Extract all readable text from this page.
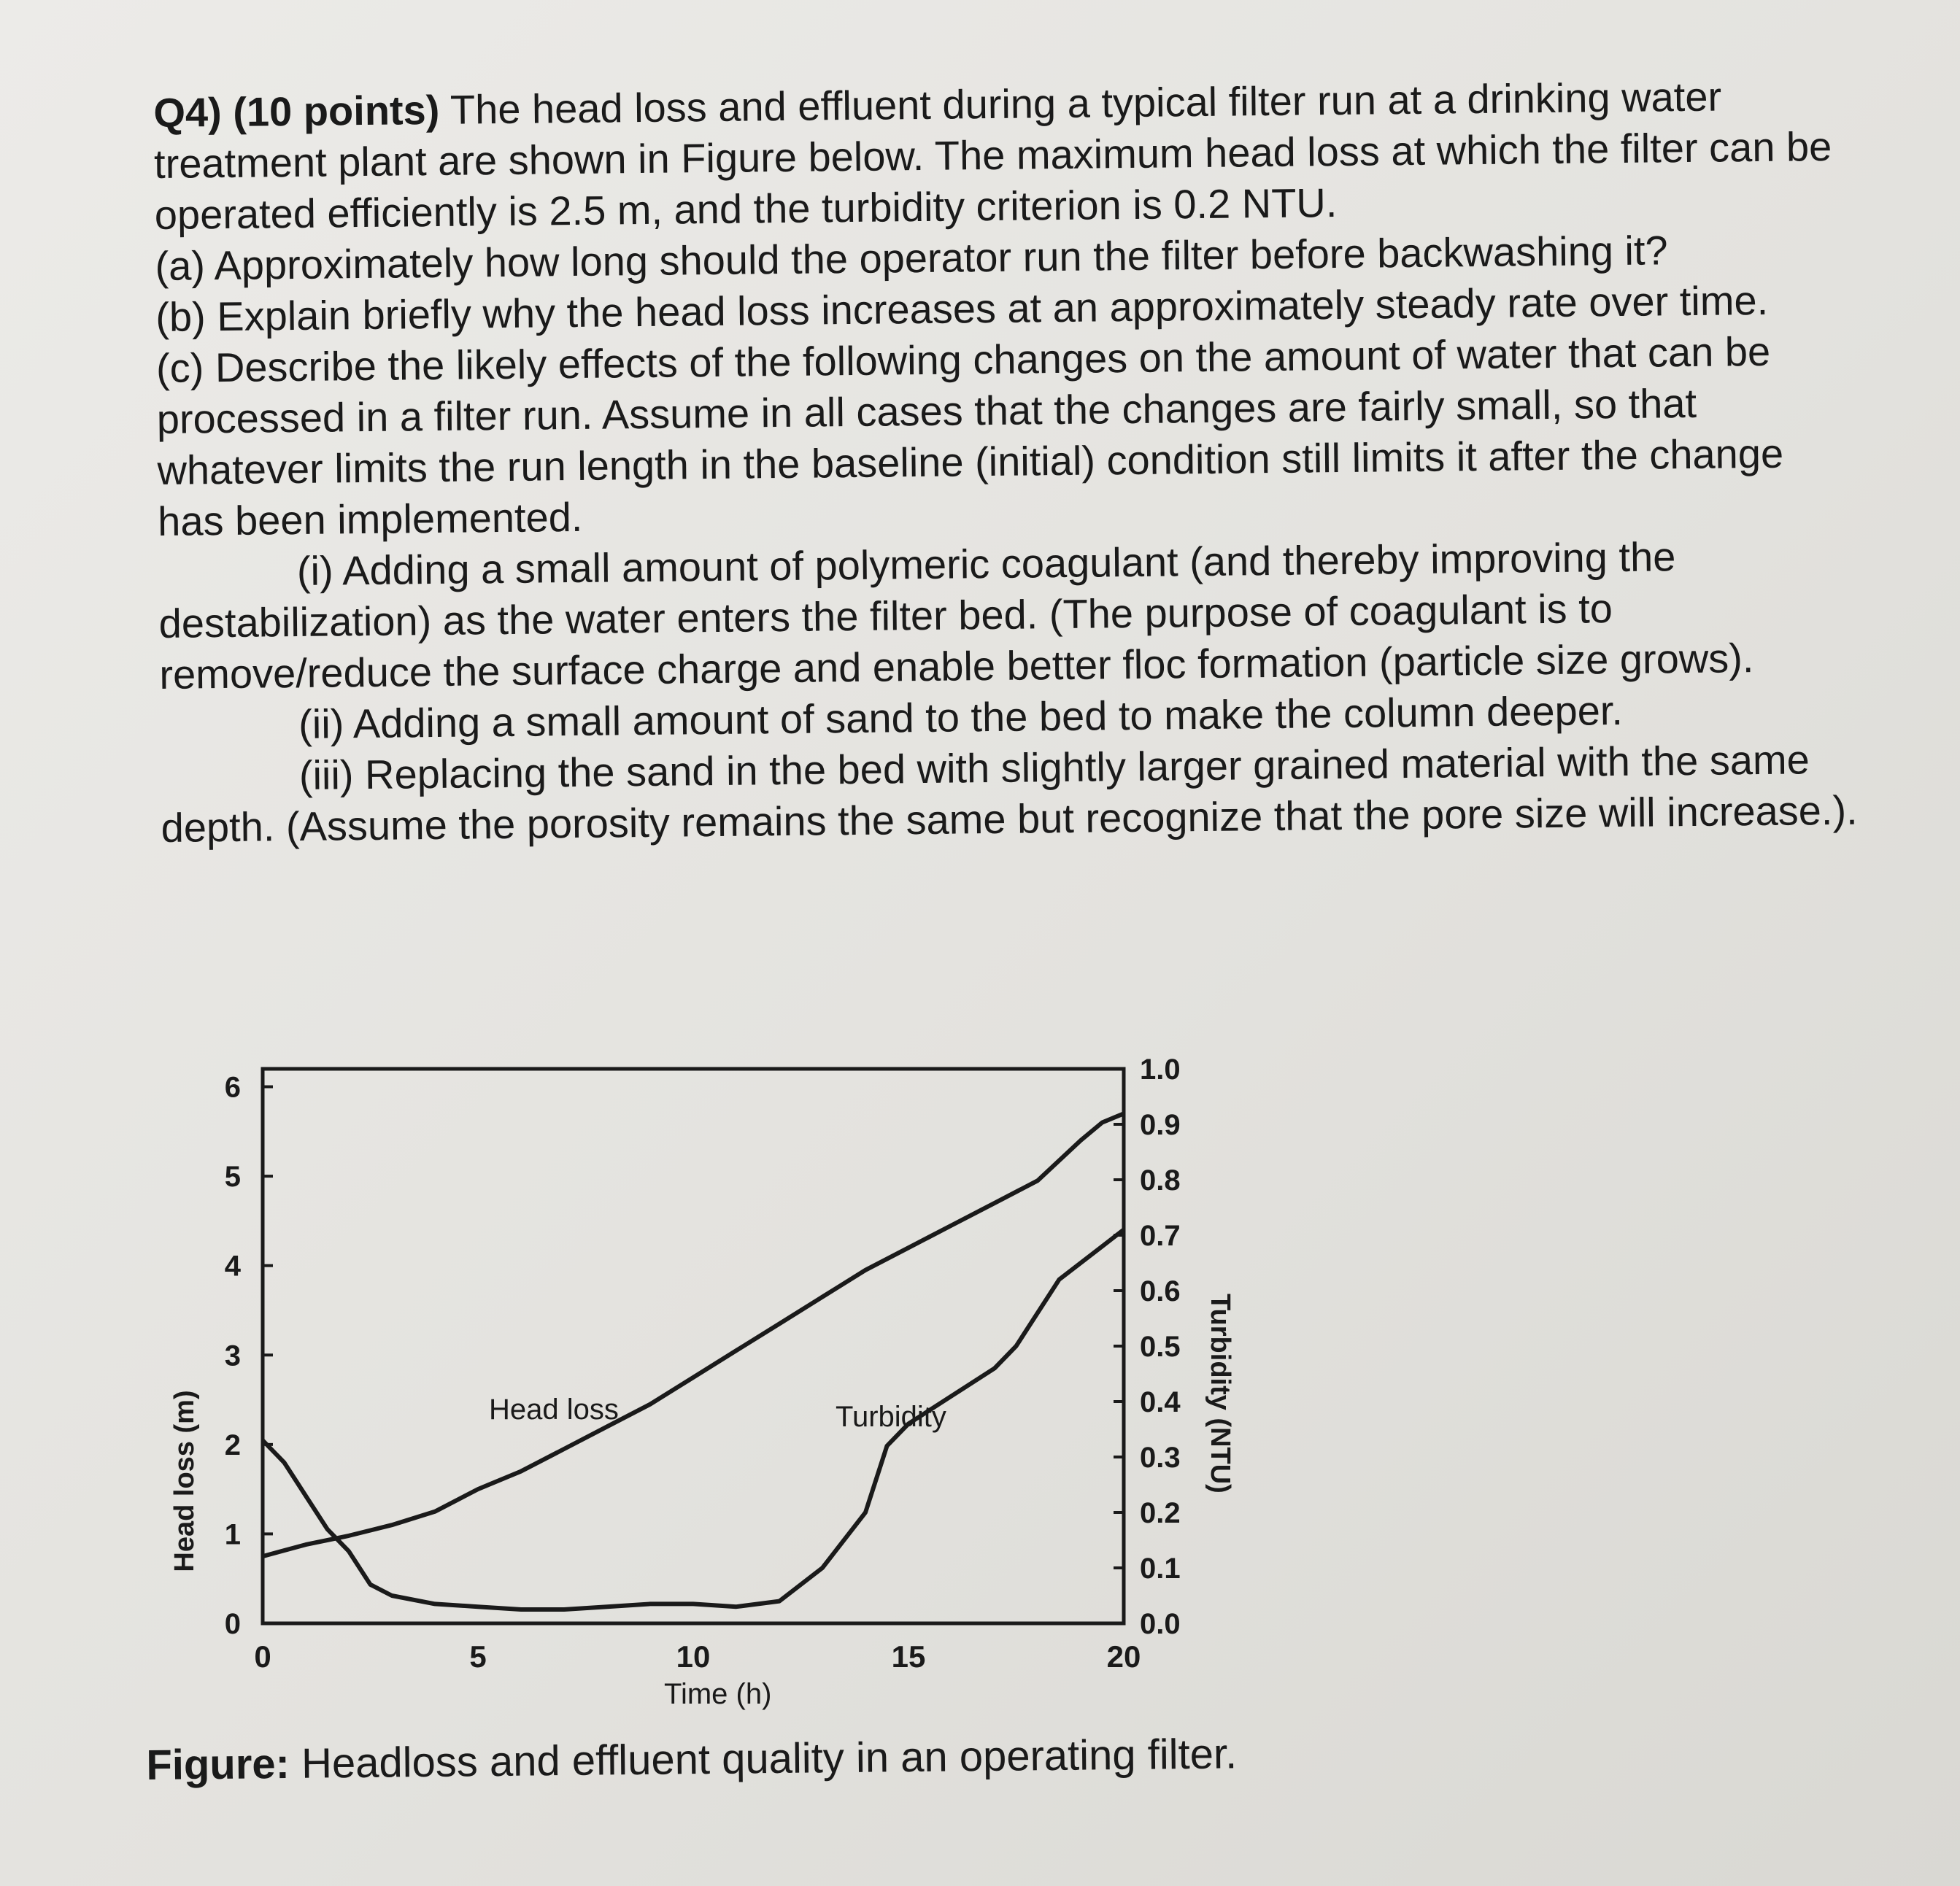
Q4) (10 points) The head loss and effluent during a typical filter run at a drinking water treatment plant are shown in Figure below. The maximum head loss at which the filter can be operated efficiently is 2.5 m, and the turbidity criterion is 0.2 NTU.

(a) Approximately how long should the operator run the filter before backwashing it?

(b) Explain briefly why the head loss increases at an approximately steady rate over time.

(c) Describe the likely effects of the following changes on the amount of water that can be processed in a filter run. Assume in all cases that the changes are fairly small, so that whatever limits the run length in the baseline (initial) condition still limits it after the change has been implemented.

(i) Adding a small amount of polymeric coagulant (and thereby improving the destabilization) as the water enters the filter bed. (The purpose of coagulant is to remove/reduce the surface charge and enable better floc formation (particle size grows).

(ii) Adding a small amount of sand to the bed to make the column deeper.

(iii) Replacing the sand in the bed with slightly larger grained material with the same depth. (Assume the porosity remains the same but recognize that the pore size will increase.).

0
1
2
3
4
5
6
0.0
0.1
0.2
0.3
0.4
0.5
0.6
0.7
0.8
0.9
1.0
0	5	10	15	20
Head loss	Turbidity
Time (h)
Head loss (m)	Turbidity (NTU)
Figure: Headloss and effluent quality in an operating filter.
